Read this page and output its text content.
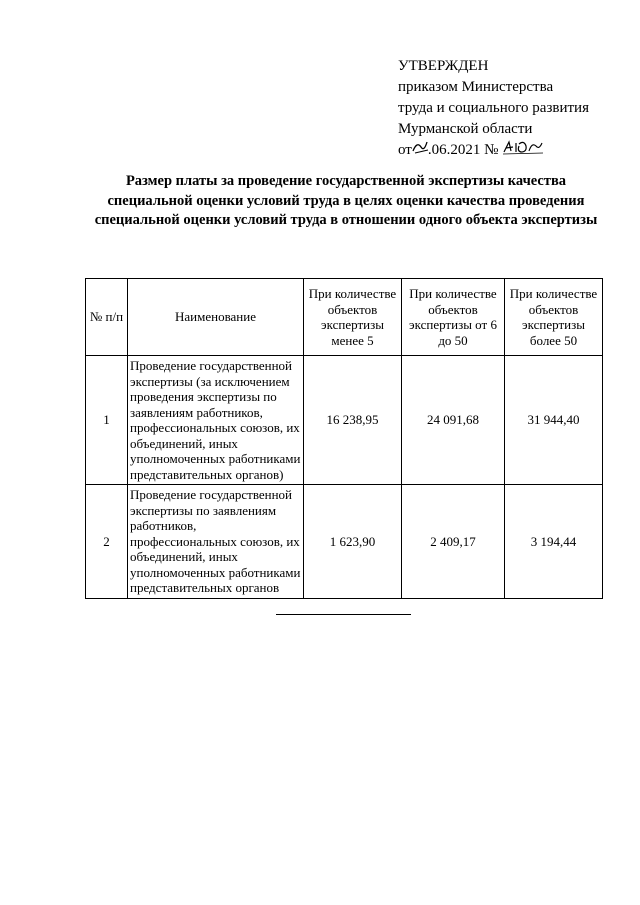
УТВЕРЖДЕН
приказом Министерства
труда и социального развития
Мурманской области
от .06.2021 №
Размер платы за проведение государственной экспертизы качества специальной оценки условий труда в целях оценки качества проведения специальной оценки условий труда в отношении одного объекта экспертизы
№ п/п	Наименование	При количестве объектов экспертизы менее 5	При количестве объектов экспертизы от 6 до 50	При количестве объектов экспертизы более 50
1	Проведение государственной экспертизы (за исключением проведения экспертизы по заявлениям работников, профессиональных союзов, их объединений, иных уполномоченных работниками представительных органов)	16 238,95	24 091,68	31 944,40
2	Проведение государственной экспертизы по заявлениям работников, профессиональных союзов, их объединений, иных уполномоченных работниками представительных органов	1 623,90	2 409,17	3 194,44
